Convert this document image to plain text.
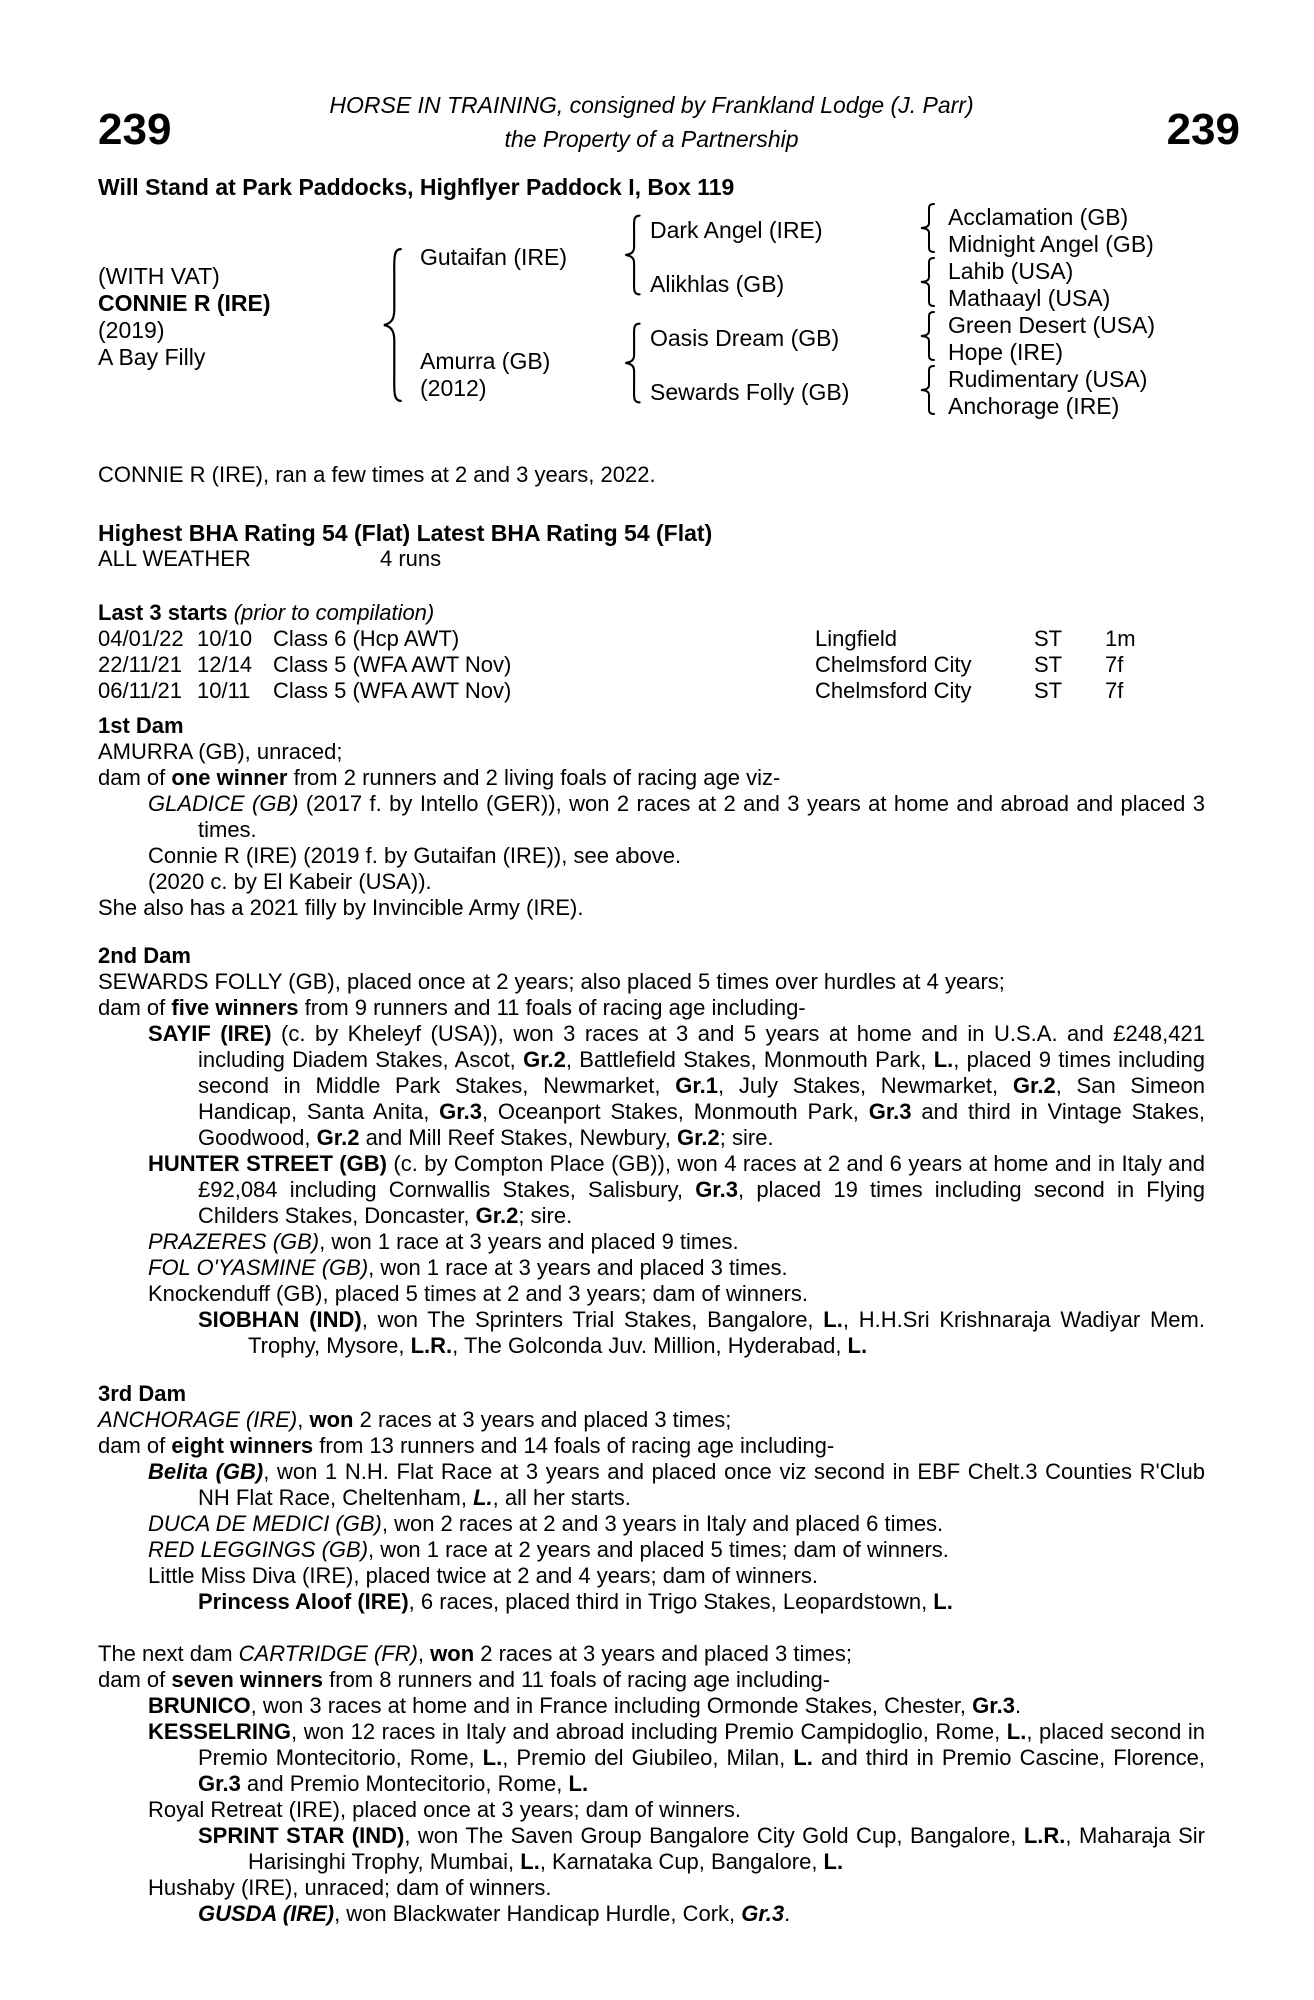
HORSE IN TRAINING, consigned by Frankland Lodge (J. Parr)
239	239
the Property of a Partnership
Will Stand at Park Paddocks, Highflyer Paddock I, Box 119
(WITH VAT)
CONNIE R (IRE)
(2019)
A Bay Filly
Gutaifan (IRE)
Amurra (GB)
(2012)
Dark Angel (IRE)
Alikhlas (GB)
Oasis Dream (GB)
Sewards Folly (GB)
Acclamation (GB)
Midnight Angel (GB)
Lahib (USA)
Mathaayl (USA)
Green Desert (USA)
Hope (IRE)
Rudimentary (USA)
Anchorage (IRE)

CONNIE R (IRE), ran a few times at 2 and 3 years, 2022.

Highest BHA Rating 54 (Flat) Latest BHA Rating 54 (Flat)

ALL WEATHER	4 runs
Last 3 starts (prior to compilation)
04/01/22 10/10 Class 6 (Hcp AWT)	Lingfield	ST	1m
22/11/21 12/14 Class 5 (WFA AWT Nov)	Chelmsford City	ST	7f
06/11/21 10/11	Class 5 (WFA AWT Nov)	Chelmsford City	ST	7f
1st Dam

AMURRA (GB), unraced;

dam of one winner from 2 runners and 2 living foals of racing age viz-

GLADICE (GB) (2017 f. by Intello (GER)), won 2 races at 2 and 3 years at home and abroad and placed 3 times.

Connie R (IRE) (2019 f. by Gutaifan (IRE)), see above.

(2020 c. by El Kabeir (USA)).

She also has a 2021 filly by Invincible Army (IRE).

2nd Dam

SEWARDS FOLLY (GB), placed once at 2 years; also placed 5 times over hurdles at 4 years;

dam of five winners from 9 runners and 11 foals of racing age including-

SAYIF (IRE) (c. by Kheleyf (USA)), won 3 races at 3 and 5 years at home and in U.S.A. and £248,421 including Diadem Stakes, Ascot, Gr.2, Battlefield Stakes, Monmouth Park, L., placed 9 times including second in Middle Park Stakes, Newmarket, Gr.1, July Stakes, Newmarket, Gr.2, San Simeon Handicap, Santa Anita, Gr.3, Oceanport Stakes, Monmouth Park, Gr.3 and third in Vintage Stakes, Goodwood, Gr.2 and Mill Reef Stakes, Newbury, Gr.2; sire.

HUNTER STREET (GB) (c. by Compton Place (GB)), won 4 races at 2 and 6 years at home and in Italy and £92,084 including Cornwallis Stakes, Salisbury, Gr.3, placed 19 times including second in Flying Childers Stakes, Doncaster, Gr.2; sire.

PRAZERES (GB), won 1 race at 3 years and placed 9 times.

FOL O'YASMINE (GB), won 1 race at 3 years and placed 3 times.

Knockenduff (GB), placed 5 times at 2 and 3 years; dam of winners.

SIOBHAN (IND), won The Sprinters Trial Stakes, Bangalore, L., H.H.Sri Krishnaraja Wadiyar Mem. Trophy, Mysore, L.R., The Golconda Juv. Million, Hyderabad, L.

3rd Dam

ANCHORAGE (IRE), won 2 races at 3 years and placed 3 times;

dam of eight winners from 13 runners and 14 foals of racing age including-

Belita (GB), won 1 N.H. Flat Race at 3 years and placed once viz second in EBF Chelt.3 Counties R'Club NH Flat Race, Cheltenham, L., all her starts.

DUCA DE MEDICI (GB), won 2 races at 2 and 3 years in Italy and placed 6 times.

RED LEGGINGS (GB), won 1 race at 2 years and placed 5 times; dam of winners.

Little Miss Diva (IRE), placed twice at 2 and 4 years; dam of winners.

Princess Aloof (IRE), 6 races, placed third in Trigo Stakes, Leopardstown, L.

The next dam CARTRIDGE (FR), won 2 races at 3 years and placed 3 times;

dam of seven winners from 8 runners and 11 foals of racing age including-

BRUNICO, won 3 races at home and in France including Ormonde Stakes, Chester, Gr.3.

KESSELRING, won 12 races in Italy and abroad including Premio Campidoglio, Rome, L., placed second in Premio Montecitorio, Rome, L., Premio del Giubileo, Milan, L. and third in Premio Cascine, Florence, Gr.3 and Premio Montecitorio, Rome, L.

Royal Retreat (IRE), placed once at 3 years; dam of winners.

SPRINT STAR (IND), won The Saven Group Bangalore City Gold Cup, Bangalore, L.R., Maharaja Sir Harisinghi Trophy, Mumbai, L., Karnataka Cup, Bangalore, L.

Hushaby (IRE), unraced; dam of winners.

GUSDA (IRE), won Blackwater Handicap Hurdle, Cork, Gr.3.
